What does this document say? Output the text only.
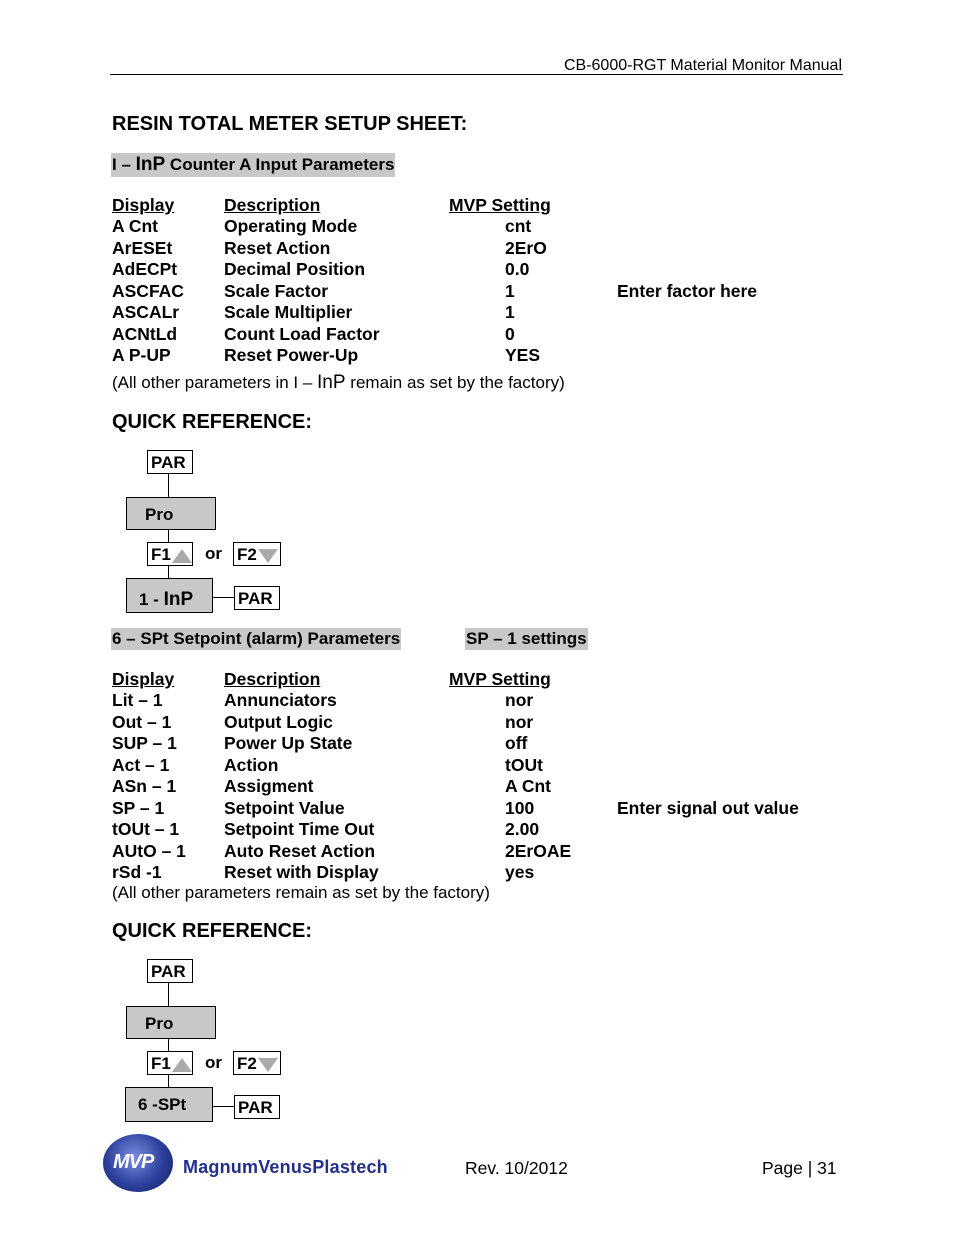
CB-6000-RGT Material Monitor Manual
RESIN TOTAL METER SETUP SHEET:
I – InP Counter A Input Parameters
Display	Description	MVP Setting
A Cnt	Operating Mode	cnt
ArESEt	Reset Action	2ErO
AdECPt	Decimal Position	0.0
ASCFAC Scale Factor	1	Enter factor here
ASCALr	Scale Multiplier	1
ACNtLd	Count Load Factor	0
A P-UP	Reset Power-Up	YES
(All other parameters in I – InP remain as set by the factory)
QUICK REFERENCE:
PAR
Pro
F1	or F2
1 - InP	PAR
6 – SPt Setpoint (alarm) Parameters	SP – 1 settings
Display	Description	MVP Setting
Lit – 1	Annunciators	nor
Out – 1	Output Logic	nor
SUP – 1	Power Up State	off
Act – 1	Action	tOUt
ASn – 1	Assigment	A Cnt
SP – 1	Setpoint Value	100	Enter signal out value
tOUt – 1	Setpoint Time Out	2.00
AUtO – 1 Auto Reset Action	2ErOAE
rSd -1	Reset with Display	yes
(All other parameters remain as set by the factory)
QUICK REFERENCE:
PAR
Pro
F1	or F2
6 -SPt	PAR
MVP MagnumVenusPlastech	Rev. 10/2012	Page | 31
